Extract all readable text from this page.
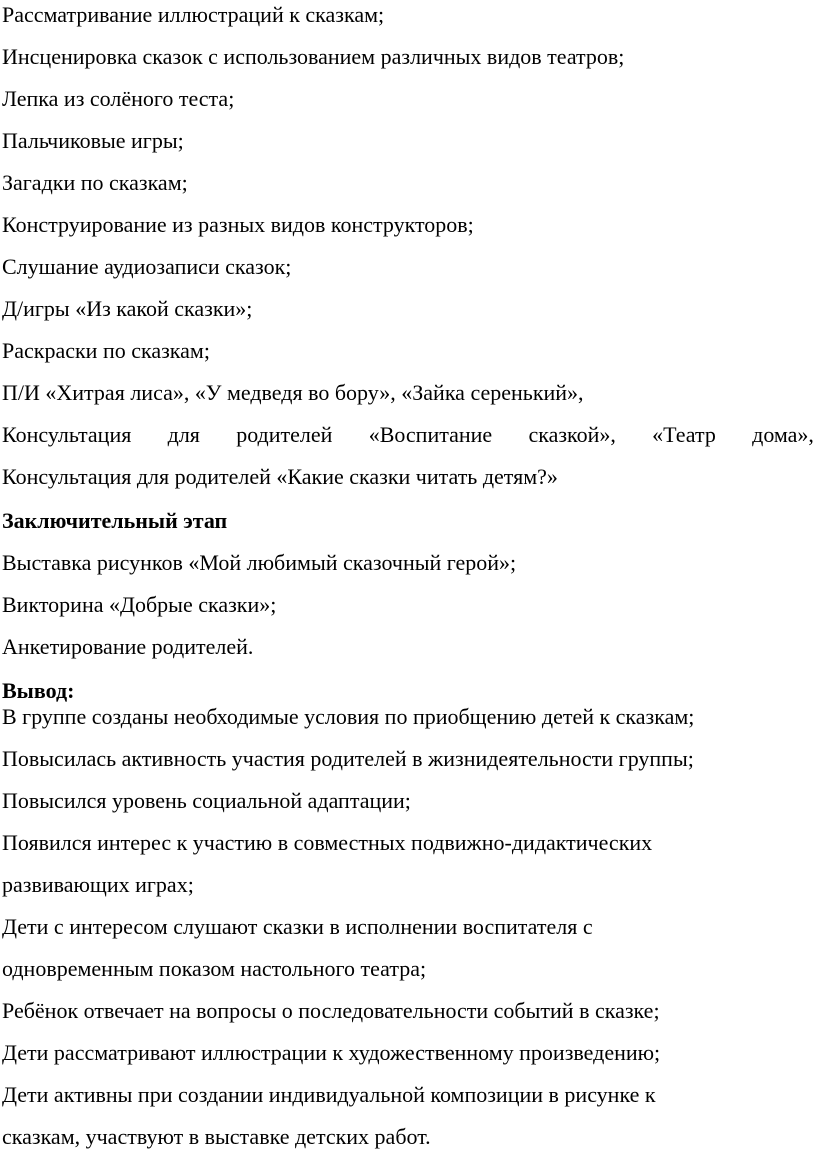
Рассматривание иллюстраций к сказкам;
Инсценировка сказок с использованием различных видов театров;
Лепка из солёного теста;
Пальчиковые игры;
Загадки по сказкам;
Конструирование из разных видов конструкторов;
Слушание аудиозаписи сказок;
Д/игры «Из какой сказки»;
Раскраски по сказкам;
П/И «Хитрая лиса», «У медведя во бору», «Зайка серенький»,
Консультация для родителей «Воспитание сказкой», «Театр дома»,
Консультация для родителей «Какие сказки читать детям?»
Заключительный этап
Выставка рисунков «Мой любимый сказочный герой»;
Викторина «Добрые сказки»;
Анкетирование родителей.
Вывод:
В группе созданы необходимые условия по приобщению детей к сказкам;
Повысилась активность участия родителей в жизнидеятельности группы;
Повысился уровень социальной адаптации;
Появился интерес к участию в совместных подвижно-дидактических
развивающих играх;
Дети с интересом слушают сказки в исполнении воспитателя с
одновременным показом настольного театра;
Ребёнок отвечает на вопросы о последовательности событий в сказке;
Дети рассматривают иллюстрации к художественному произведению;
Дети активны при создании индивидуальной композиции в рисунке к
сказкам, участвуют в выставке детских работ.
